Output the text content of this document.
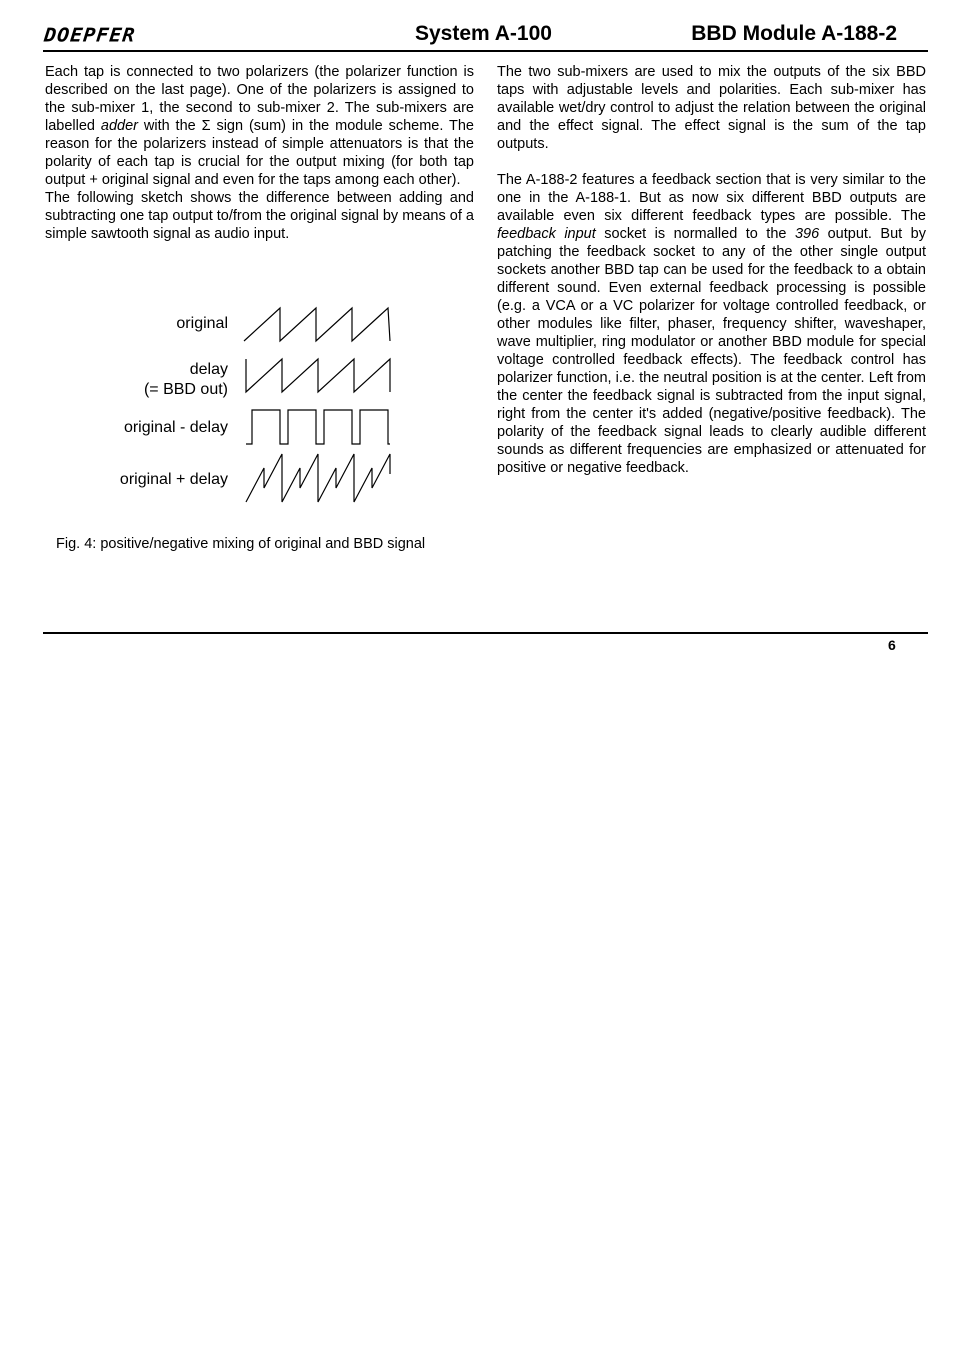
DOEPFER	System A-100	BBD Module A-188-2

Each tap is connected to two polarizers (the polarizer function is described on the last page). One of the polarizers is assigned to the sub-mixer 1, the second to sub-mixer 2. The sub-mixers are labelled adder with the Σ sign (sum) in the module scheme. The reason for the polarizers instead of simple attenuators is that the polarity of each tap is crucial for the output mixing (for both tap output + original signal and even for the taps among each other).

The following sketch shows the difference between adding and subtracting one tap output to/from the original signal by means of a simple sawtooth signal as audio input.

original
delay
(= BBD out)
original - delay
original + delay
Fig. 4: positive/negative mixing of original and BBD signal

The two sub-mixers are used to mix the outputs of the six BBD taps with adjustable levels and polarities. Each sub-mixer has available wet/dry control to adjust the relation between the original and the effect signal. The effect signal is the sum of the tap outputs.

The A-188-2 features a feedback section that is very similar to the one in the A-188-1. But as now six different BBD outputs are available even six different feedback types are possible. The feedback input socket is normalled to the 396 output. But by patching the feedback socket to any of the other single output sockets another BBD tap can be used for the feedback to a obtain different sound. Even external feedback processing is possible (e.g. a VCA or a VC polarizer for voltage controlled feedback, or other modules like filter, phaser, frequency shifter, waveshaper, wave multiplier, ring modulator or another BBD module for special voltage controlled feedback effects). The feedback control has polarizer function, i.e. the neutral position is at the center. Left from the center the feedback signal is subtracted from the input signal, right from the center it's added (negative/positive feedback). The polarity of the feedback signal leads to clearly audible different sounds as different frequencies are emphasized or attenuated for positive or negative feedback.

6
